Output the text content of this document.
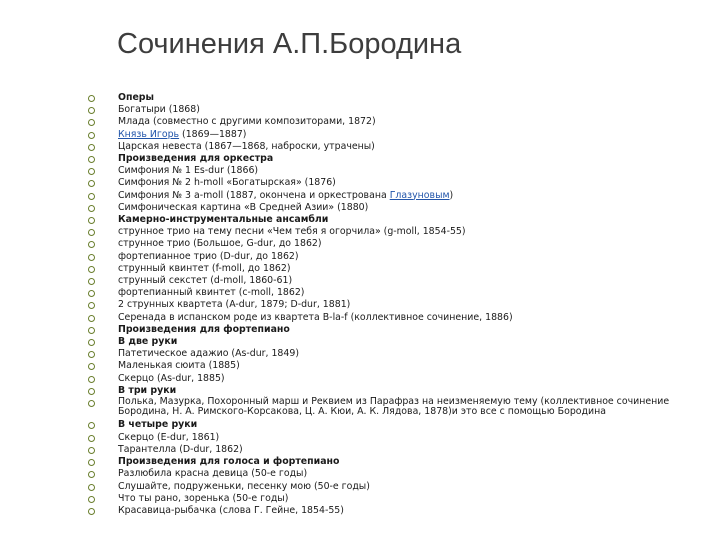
Сочинения А.П.Бородина
Оперы
Богатыри (1868)
Млада (совместно с другими композиторами, 1872)
Князь Игорь (1869—1887)
Царская невеста (1867—1868, наброски, утрачены)
Произведения для оркестра
Симфония № 1 Es-dur (1866)
Симфония № 2 h-moll «Богатырская» (1876)
Симфония № 3 a-moll (1887, окончена и оркестрована Глазуновым)
Симфоническая картина «В Средней Азии» (1880)
Камерно-инструментальные ансамбли
струнное трио на тему песни «Чем тебя я огорчила» (g-moll, 1854-55)
струнное трио (Большое, G-dur, до 1862)
фортепианное трио (D-dur, до 1862)
струнный квинтет (f-moll, до 1862)
струнный секстет (d-moll, 1860-61)
фортепианный квинтет (c-moll, 1862)
2 струнных квартета (A-dur, 1879; D-dur, 1881)
Серенада в испанском роде из квартета B-la-f (коллективное сочинение, 1886)
Произведения для фортепиано
В две руки
Патетическое адажио (As-dur, 1849)
Маленькая сюита (1885)
Скерцо (As-dur, 1885)
В три руки
Полька, Мазурка, Похоронный марш и Реквием из Парафраз на неизменяемую тему (коллективное сочинение Бородина, Н. А. Римского-Корсакова, Ц. А. Кюи, А. К. Лядова, 1878)и это все с помощью Бородина
В четыре руки
Скерцо (E-dur, 1861)
Тарантелла (D-dur, 1862)
Произведения для голоса и фортепиано
Разлюбила красна девица (50-е годы)
Слушайте, подруженьки, песенку мою (50-е годы)
Что ты рано, зоренька (50-е годы)
Красавица-рыбачка (слова Г. Гейне, 1854-55)
